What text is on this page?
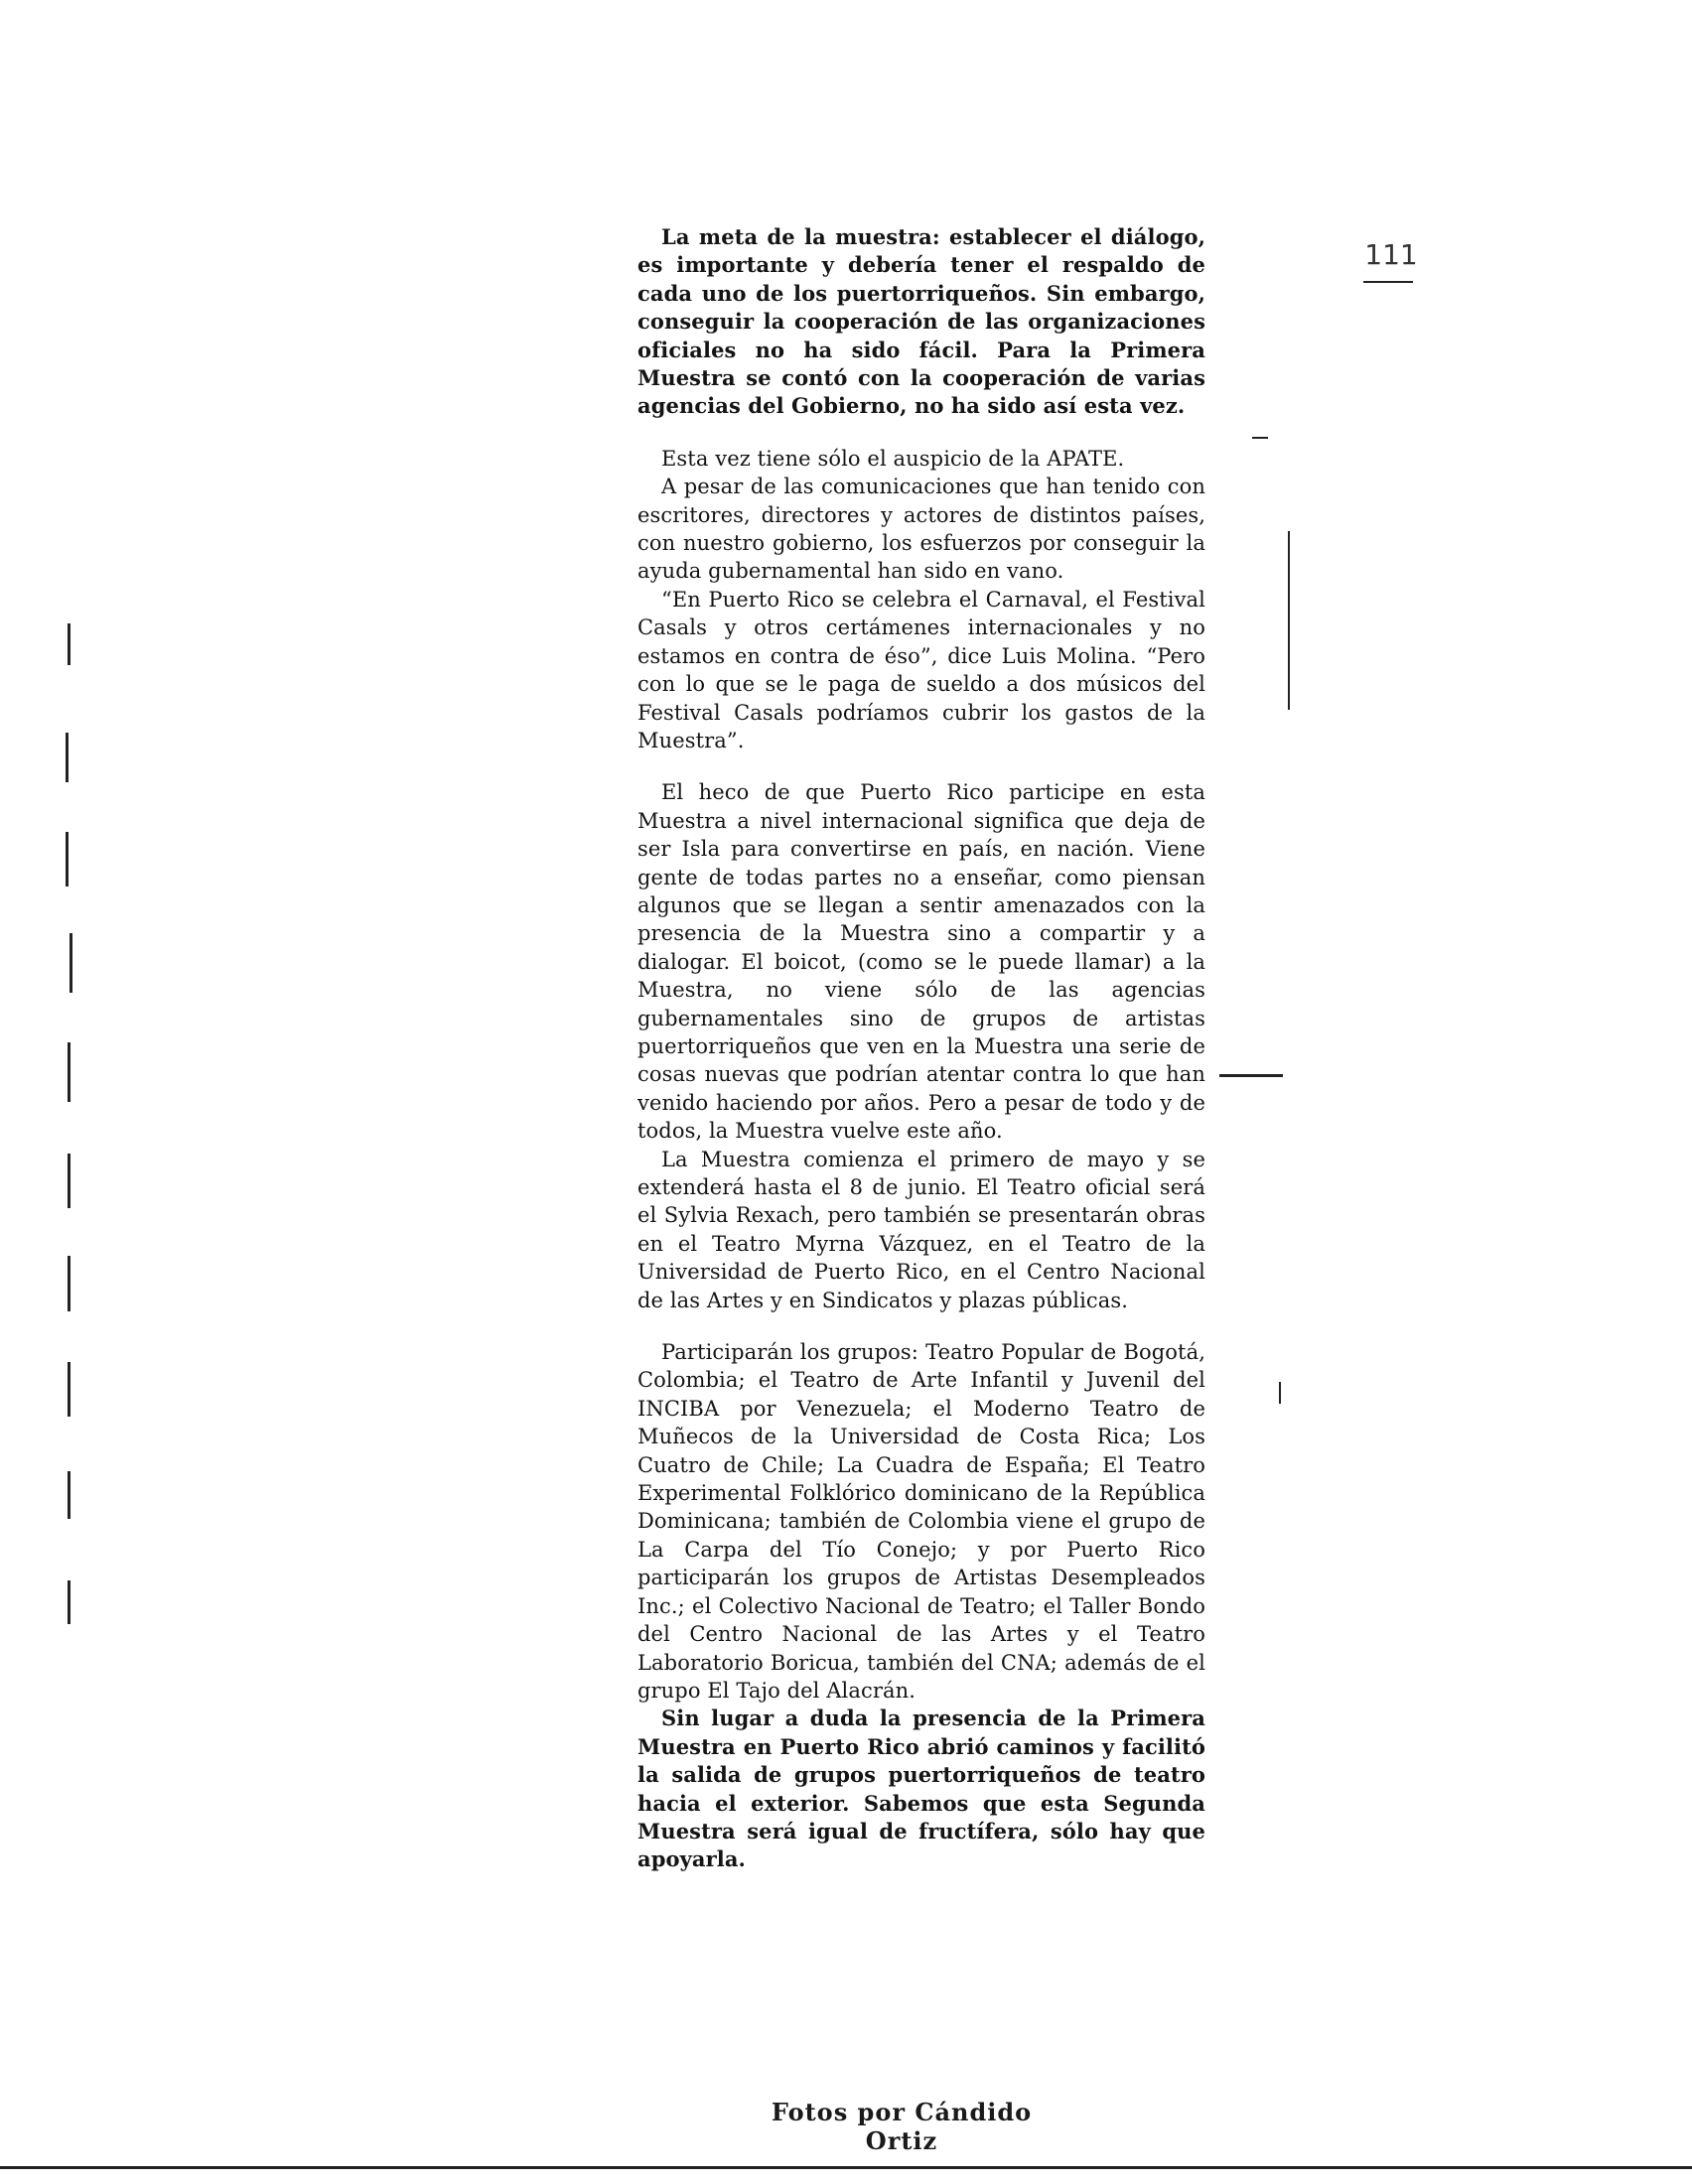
111

La meta de la muestra: establecer el diálogo, es importante y debería tener el respaldo de cada uno de los puertorriqueños. Sin embargo, conseguir la cooperación de las organizaciones oficiales no ha sido fácil. Para la Primera Muestra se contó con la cooperación de varias agencias del Gobierno, no ha sido así esta vez.

Esta vez tiene sólo el auspicio de la APATE.

A pesar de las comunicaciones que han tenido con escritores, directores y actores de distintos países, con nuestro gobierno, los esfuerzos por conseguir la ayuda gubernamental han sido en vano.

“En Puerto Rico se celebra el Carnaval, el Festival Casals y otros certámenes internacionales y no estamos en contra de éso”, dice Luis Molina. “Pero con lo que se le paga de sueldo a dos músicos del Festival Casals podríamos cubrir los gastos de la Muestra”.

El heco de que Puerto Rico participe en esta Muestra a nivel internacional significa que deja de ser Isla para convertirse en país, en nación. Viene gente de todas partes no a enseñar, como piensan algunos que se llegan a sentir amenazados con la presencia de la Muestra sino a compartir y a dialogar. El boicot, (como se le puede llamar) a la Muestra, no viene sólo de las agencias gubernamentales sino de grupos de artistas puertorriqueños que ven en la Muestra una serie de cosas nuevas que podrían atentar contra lo que han venido haciendo por años. Pero a pesar de todo y de todos, la Muestra vuelve este año.

La Muestra comienza el primero de mayo y se extenderá hasta el 8 de junio. El Teatro oficial será el Sylvia Rexach, pero también se presentarán obras en el Teatro Myrna Vázquez, en el Teatro de la Universidad de Puerto Rico, en el Centro Nacional de las Artes y en Sindicatos y plazas públicas.

Participarán los grupos: Teatro Popular de Bogotá, Colombia; el Teatro de Arte Infantil y Juvenil del INCIBA por Venezuela; el Moderno Teatro de Muñecos de la Universidad de Costa Rica; Los Cuatro de Chile; La Cuadra de España; El Teatro Experimental Folklórico dominicano de la República Dominicana; también de Colombia viene el grupo de La Carpa del Tío Conejo; y por Puerto Rico participarán los grupos de Artistas Desempleados Inc.; el Colectivo Nacional de Teatro; el Taller Bondo del Centro Nacional de las Artes y el Teatro Laboratorio Boricua, también del CNA; además de el grupo El Tajo del Alacrán.

Sin lugar a duda la presencia de la Primera Muestra en Puerto Rico abrió caminos y facilitó la salida de grupos puertorriqueños de teatro hacia el exterior. Sabemos que esta Segunda Muestra será igual de fructífera, sólo hay que apoyarla.

Fotos por Cándido Ortiz
